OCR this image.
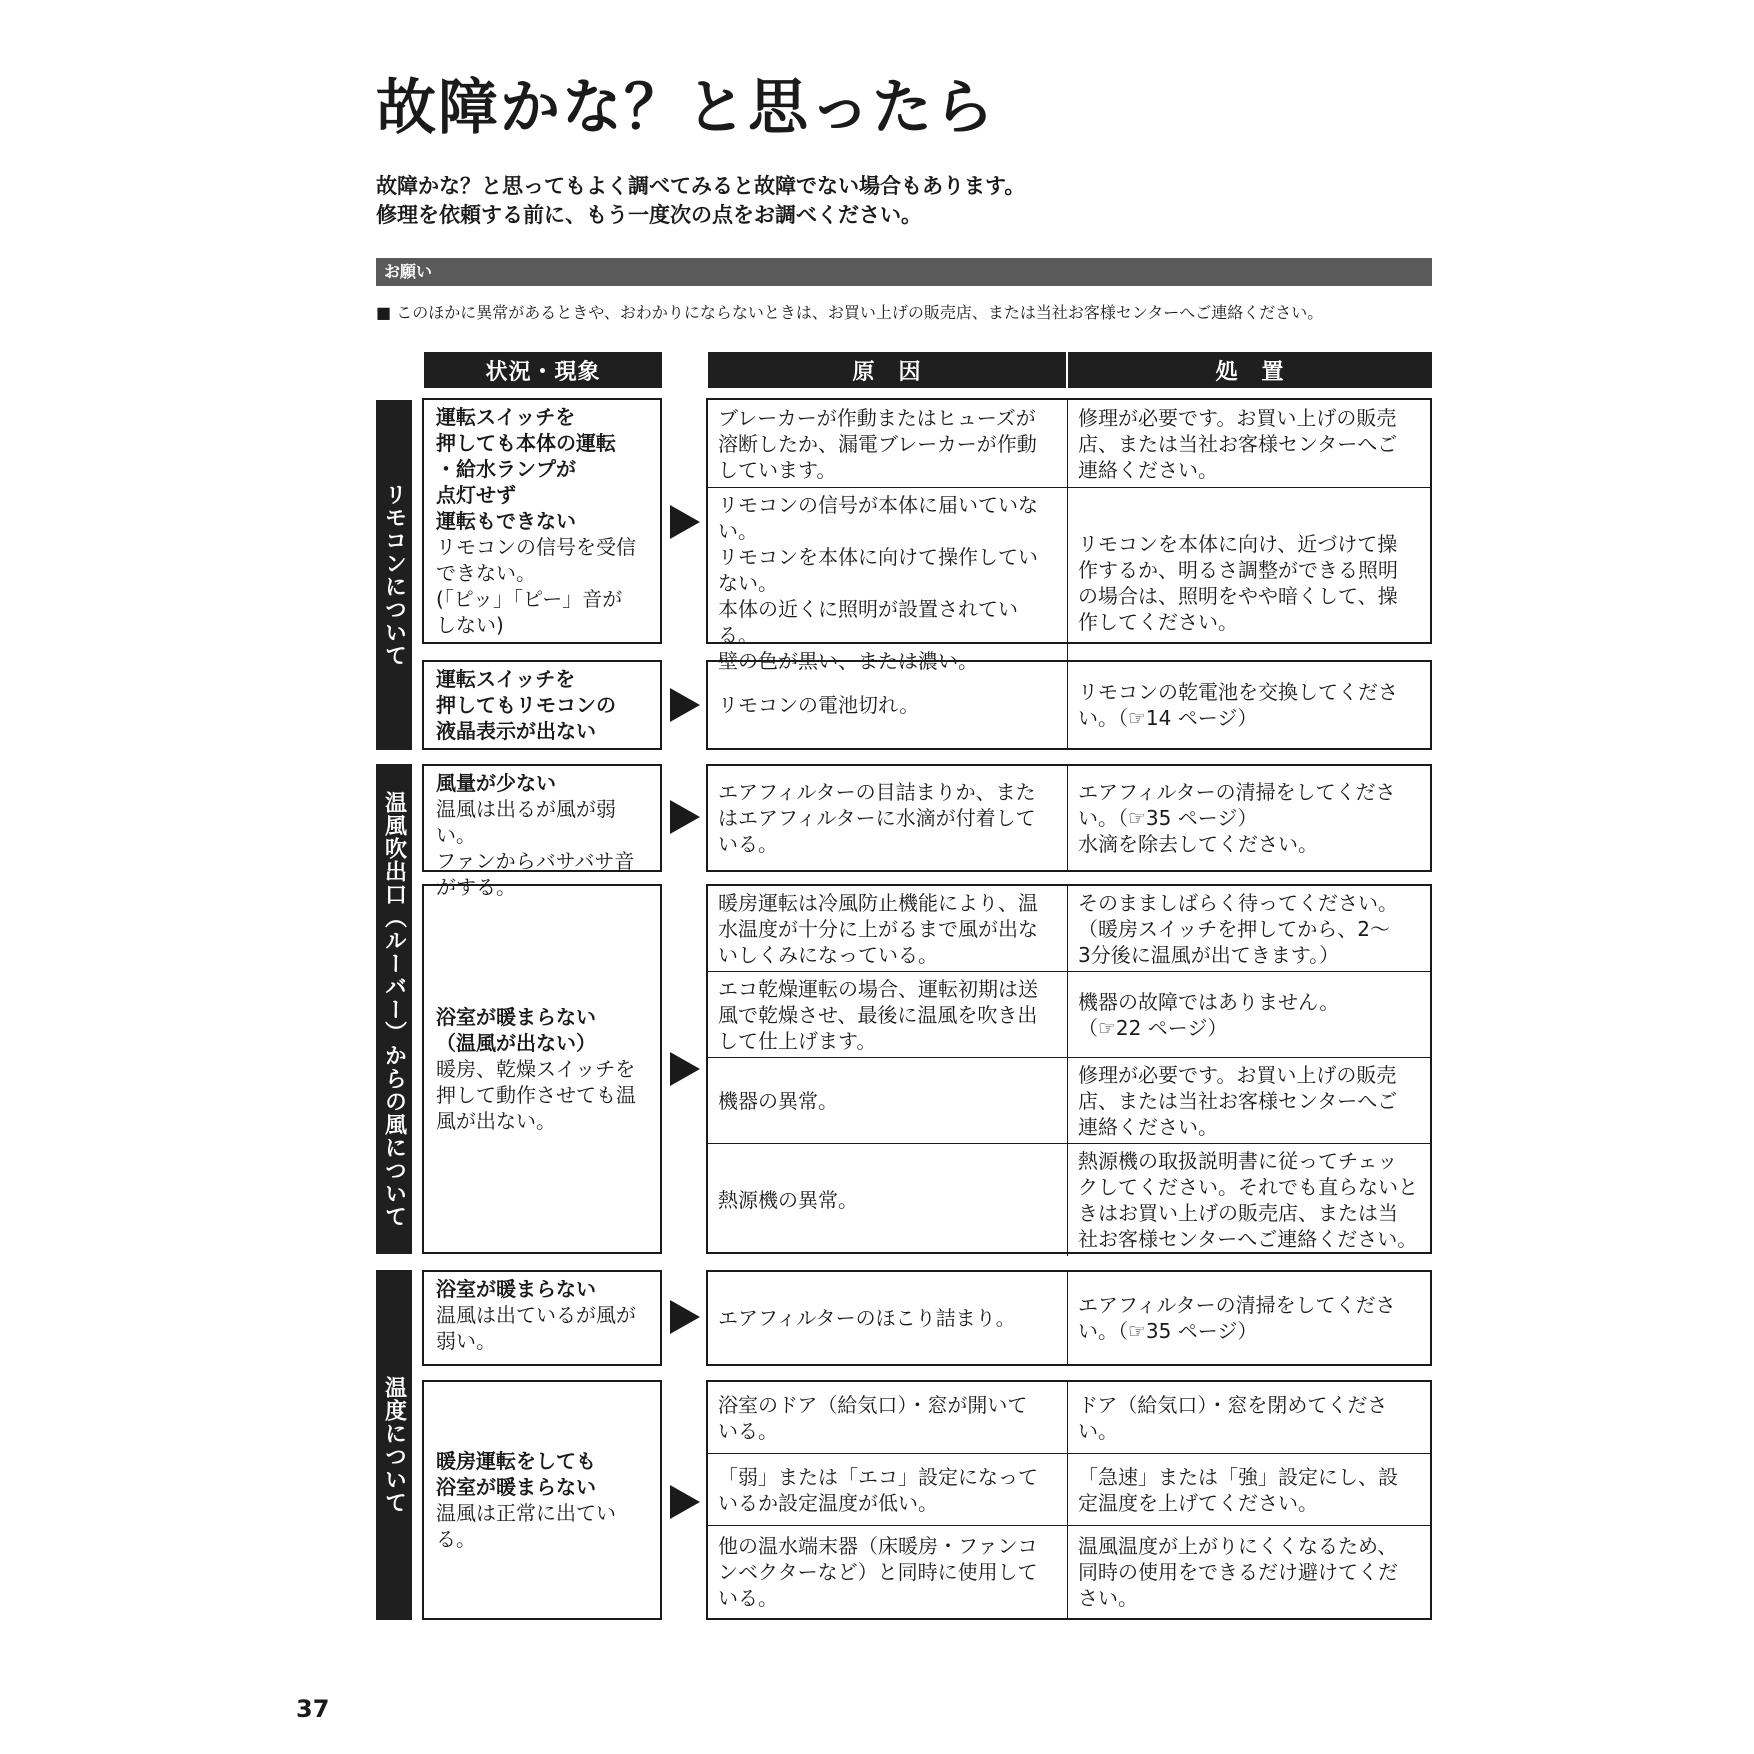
故障かな？と思ったら
故障かな？と思ってもよく調べてみると故障でない場合もあります。
修理を依頼する前に、もう一度次の点をお調べください。
お願い
■ このほかに異常があるときや、おわかりにならないときは、お買い上げの販売店、または当社お客様センターへご連絡ください。
状況・現象	原　因	処　置
リモコンについて
温風吹出口（ルーバー）からの風について
温度について
運転スイッチを
押しても本体の運転
・給水ランプが
点灯せず
運転もできない
リモコンの信号を受信
できない。
(「ピッ」「ピー」音が
しない)
ブレーカーが作動またはヒューズが
溶断したか、漏電ブレーカーが作動
しています。
修理が必要です。お買い上げの販売
店、または当社お客様センターへご
連絡ください。
リモコンの信号が本体に届いていない。
リモコンを本体に向けて操作していない。
本体の近くに照明が設置されている。
壁の色が黒い、または濃い。
リモコンを本体に向け、近づけて操
作するか、明るさ調整ができる照明
の場合は、照明をやや暗くして、操
作してください。
運転スイッチを
押してもリモコンの
液晶表示が出ない
リモコンの電池切れ。
リモコンの乾電池を交換してくださ
い。（☞14 ページ）
風量が少ない
温風は出るが風が弱い。
ファンからバサバサ音
がする。
エアフィルターの目詰まりか、また
はエアフィルターに水滴が付着して
いる。
エアフィルターの清掃をしてくださ
い。（☞35 ページ）
水滴を除去してください。
浴室が暖まらない
（温風が出ない）
暖房、乾燥スイッチを
押して動作させても温
風が出ない。
暖房運転は冷風防止機能により、温
水温度が十分に上がるまで風が出な
いしくみになっている。
そのまましばらく待ってください。
（暖房スイッチを押してから、2～
3分後に温風が出てきます。）
エコ乾燥運転の場合、運転初期は送
風で乾燥させ、最後に温風を吹き出
して仕上げます。
機器の故障ではありません。
（☞22 ページ）
機器の異常。
修理が必要です。お買い上げの販売
店、または当社お客様センターへご
連絡ください。
熱源機の異常。
熱源機の取扱説明書に従ってチェッ
クしてください。それでも直らないと
きはお買い上げの販売店、または当
社お客様センターへご連絡ください。
浴室が暖まらない
温風は出ているが風が
弱い。
エアフィルターのほこり詰まり。
エアフィルターの清掃をしてくださ
い。（☞35 ページ）
暖房運転をしても
浴室が暖まらない
温風は正常に出ている。
浴室のドア（給気口）・窓が開いて
いる。
ドア（給気口）・窓を閉めてください。
「弱」または「エコ」設定になって
いるか設定温度が低い。
「急速」または「強」設定にし、設
定温度を上げてください。
他の温水端末器（床暖房・ファンコ
ンベクターなど）と同時に使用して
いる。
温風温度が上がりにくくなるため、
同時の使用をできるだけ避けてくだ
さい。
37
